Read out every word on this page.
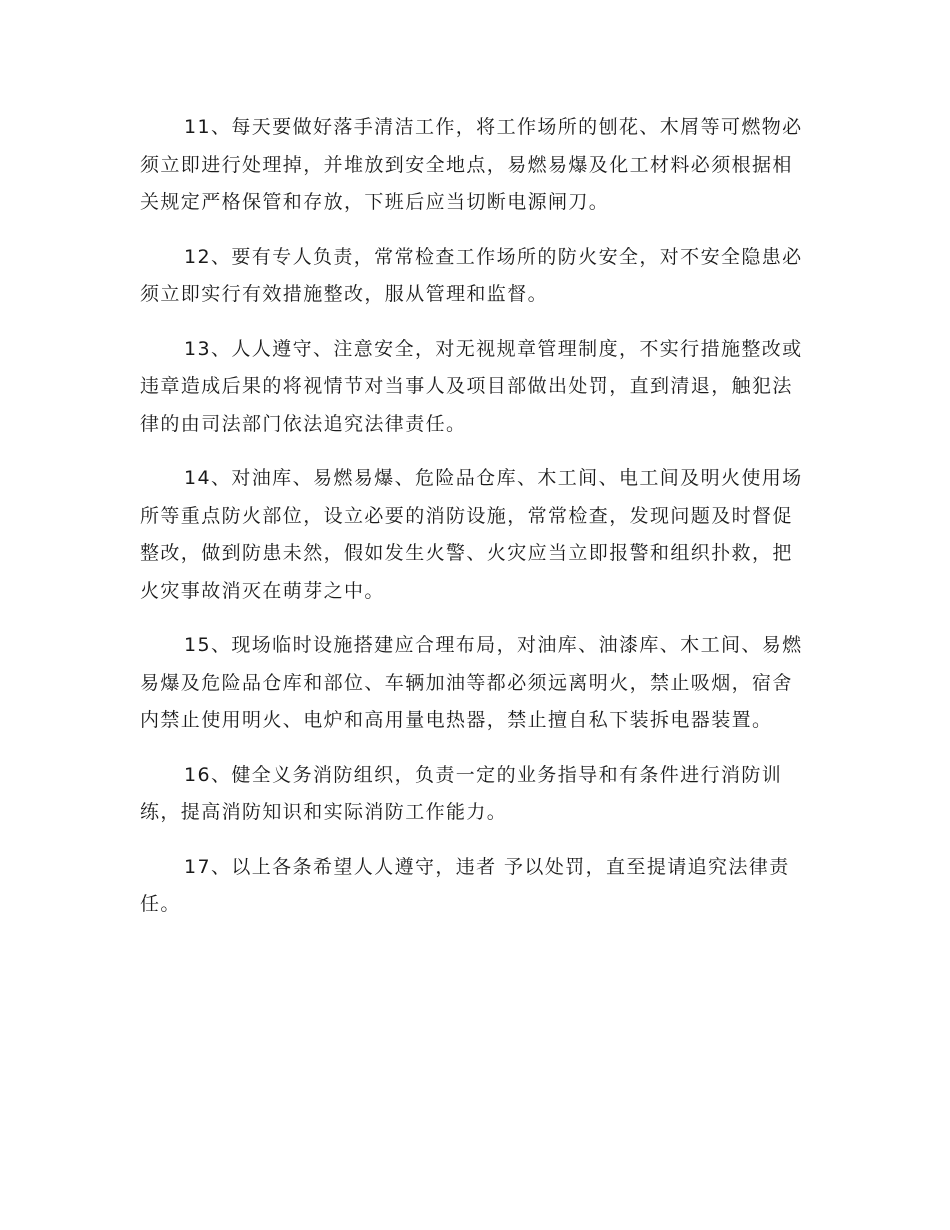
11、每天要做好落手清洁工作，将工作场所的刨花、木屑等可燃物必须立即进行处理掉，并堆放到安全地点，易燃易爆及化工材料必须根据相关规定严格保管和存放，下班后应当切断电源闸刀。

12、要有专人负责，常常检查工作场所的防火安全，对不安全隐患必须立即实行有效措施整改，服从管理和监督。

13、人人遵守、注意安全，对无视规章管理制度，不实行措施整改或违章造成后果的将视情节对当事人及项目部做出处罚，直到清退，触犯法律的由司法部门依法追究法律责任。

14、对油库、易燃易爆、危险品仓库、木工间、电工间及明火使用场所等重点防火部位，设立必要的消防设施，常常检查，发现问题及时督促整改，做到防患未然，假如发生火警、火灾应当立即报警和组织扑救，把火灾事故消灭在萌芽之中。

15、现场临时设施搭建应合理布局，对油库、油漆库、木工间、易燃易爆及危险品仓库和部位、车辆加油等都必须远离明火，禁止吸烟，宿舍内禁止使用明火、电炉和高用量电热器，禁止擅自私下装拆电器装置。

16、健全义务消防组织，负责一定的业务指导和有条件进行消防训练，提高消防知识和实际消防工作能力。

17、以上各条希望人人遵守，违者 予以处罚，直至提请追究法律责任。
